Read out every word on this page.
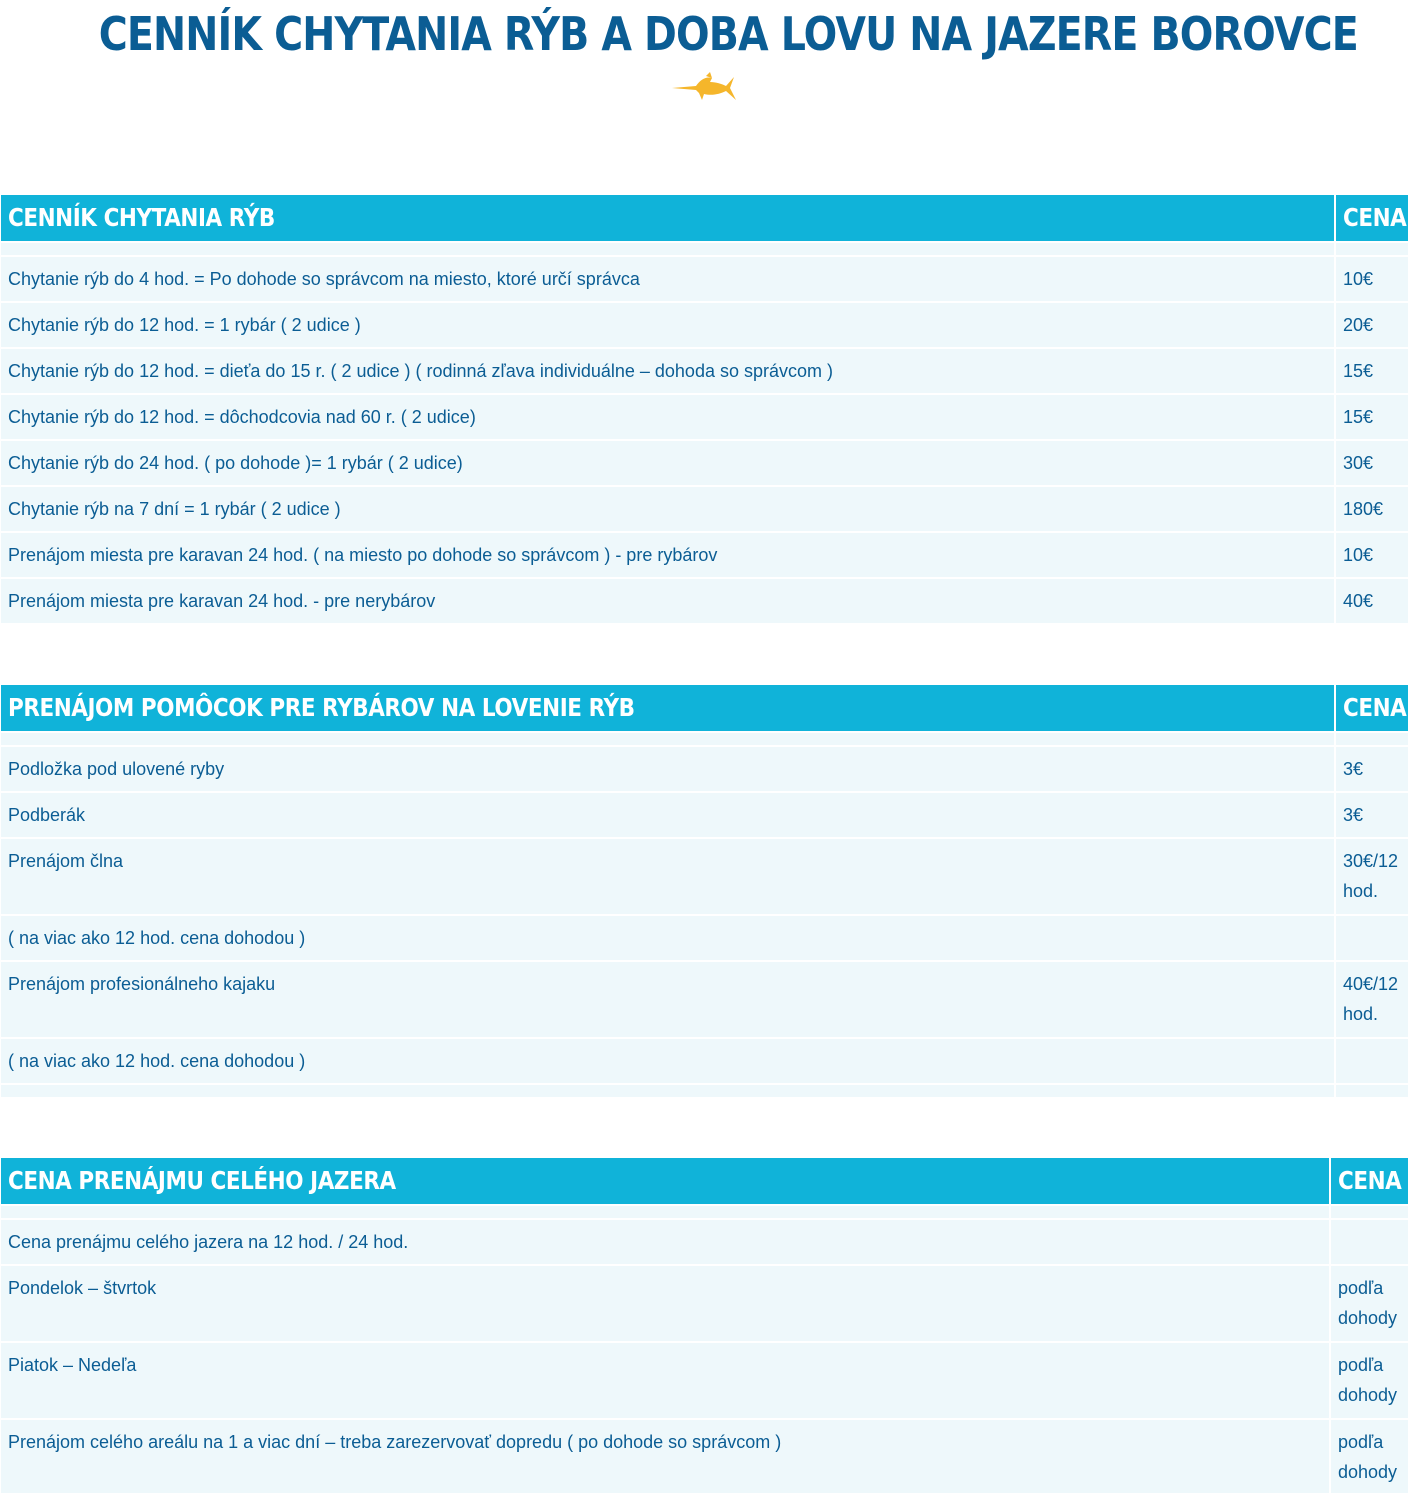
CENNÍK CHYTANIA RÝB A DOBA LOVU NA JAZERE BOROVCE
CENNÍK CHYTANIA RÝB	CENA
Chytanie rýb do 4 hod. = Po dohode so správcom na miesto, ktoré určí správca	10€
Chytanie rýb do 12 hod. = 1 rybár ( 2 udice )	20€
Chytanie rýb do 12 hod. = dieťa do 15 r. ( 2 udice ) ( rodinná zľava individuálne – dohoda so správcom )	15€
Chytanie rýb do 12 hod. = dôchodcovia nad 60 r. ( 2 udice)	15€
Chytanie rýb do 24 hod. ( po dohode )= 1 rybár ( 2 udice)	30€
Chytanie rýb na 7 dní = 1 rybár ( 2 udice )	180€
Prenájom miesta pre karavan 24 hod. ( na miesto po dohode so správcom ) - pre rybárov	10€
Prenájom miesta pre karavan 24 hod. - pre nerybárov	40€
PRENÁJOM POMÔCOK PRE RYBÁROV NA LOVENIE RÝB	CENA
Podložka pod ulovené ryby	3€
Podberák	3€
Prenájom člna	30€/12 hod.
( na viac ako 12 hod. cena dohodou )
Prenájom profesionálneho kajaku	40€/12 hod.
( na viac ako 12 hod. cena dohodou )
CENA PRENÁJMU CELÉHO JAZERA	CENA
Cena prenájmu celého jazera na 12 hod. / 24 hod.
Pondelok – štvrtok	podľa dohody
Piatok – Nedeľa	podľa dohody
Prenájom celého areálu na 1 a viac dní – treba zarezervovať dopredu ( po dohode so správcom )	podľa dohody
